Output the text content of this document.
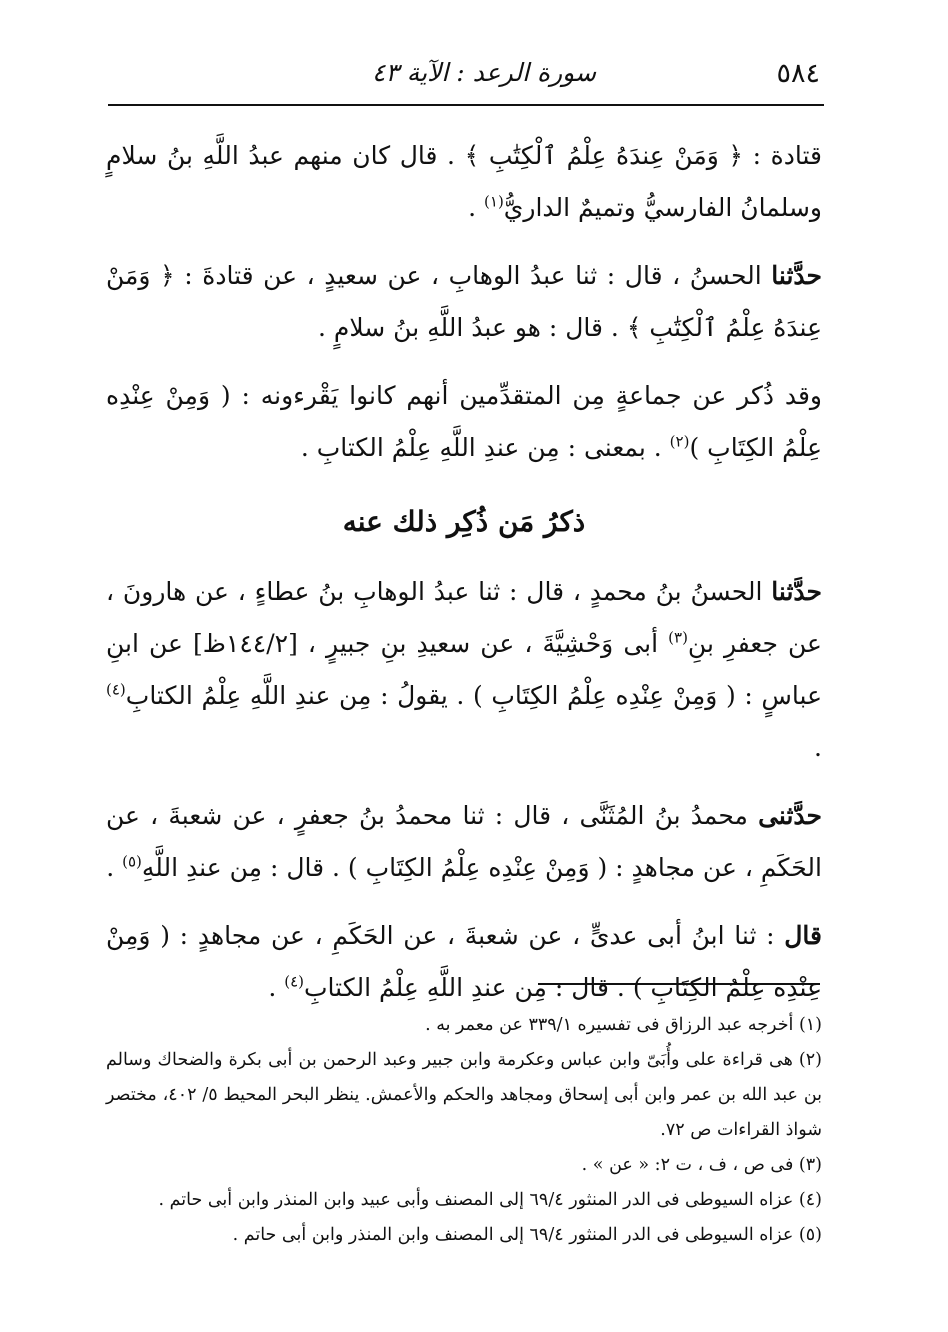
٥٨٤
سورة الرعد : الآية ٤٣

قتادة : ﴿ وَمَنْ عِندَهُ عِلْمُ ٱلْكِتَٰبِ ﴾ . قال كان منهم عبدُ اللَّهِ بنُ سلامٍ وسلمانُ الفارسيُّ وتميمٌ الداريُّ$^{(١)}$ .

حدَّثنا الحسنُ ، قال : ثنا عبدُ الوهابِ ، عن سعيدٍ ، عن قتادةَ : ﴿ وَمَنْ عِندَهُ عِلْمُ ٱلْكِتَٰبِ ﴾ . قال : هو عبدُ اللَّهِ بنُ سلامٍ .

وقد ذُكر عن جماعةٍ مِن المتقدِّمين أنهم كانوا يَقْرءونه : ( وَمِنْ عِنْدِه عِلْمُ الكِتَابِ )$^{(٢)}$ . بمعنى : مِن عندِ اللَّهِ عِلْمُ الكتابِ .

ذكرُ مَن ذُكِر ذلك عنه

حدَّثنا الحسنُ بنُ محمدٍ ، قال : ثنا عبدُ الوهابِ بنُ عطاءٍ ، عن هارونَ ، عن جعفرِ بنِ$^{(٣)}$ أبى وَحْشِيَّةَ ، عن سعيدِ بنِ جبيرٍ ، [١٤٤/٢ظ] عن ابنِ عباسٍ : ( وَمِنْ عِنْدِه عِلْمُ الكِتَابِ ) . يقولُ : مِن عندِ اللَّهِ عِلْمُ الكتابِ$^{(٤)}$ .

حدَّثنى محمدُ بنُ المُثَنَّى ، قال : ثنا محمدُ بنُ جعفرٍ ، عن شعبةَ ، عن الحَكَمِ ، عن مجاهدٍ : ( وَمِنْ عِنْدِه عِلْمُ الكِتَابِ ) . قال : مِن عندِ اللَّهِ$^{(٥)}$ .

قال : ثنا ابنُ أبى عدىٍّ ، عن شعبةَ ، عن الحَكَمِ ، عن مجاهدٍ : ( وَمِنْ عِنْدِه عِلْمُ الكِتَابِ ) . قال : مِن عندِ اللَّهِ عِلْمُ الكتابِ$^{(٤)}$ .

(١) أخرجه عبد الرزاق فى تفسيره ٣٣٩/١ عن معمر به .

(٢) هى قراءة على وأُبَىّ وابن عباس وعكرمة وابن جبير وعبد الرحمن بن أبى بكرة والضحاك وسالم بن عبد الله بن عمر وابن أبى إسحاق ومجاهد والحكم والأعمش. ينظر البحر المحيط ٥/ ٤٠٢، مختصر شواذ القراءات ص ٧٢.

(٣) فى ص ، ف ، ت ٢: « عن » .

(٤) عزاه السيوطى فى الدر المنثور ٦٩/٤ إلى المصنف وأبى عبيد وابن المنذر وابن أبى حاتم .

(٥) عزاه السيوطى فى الدر المنثور ٦٩/٤ إلى المصنف وابن المنذر وابن أبى حاتم .
